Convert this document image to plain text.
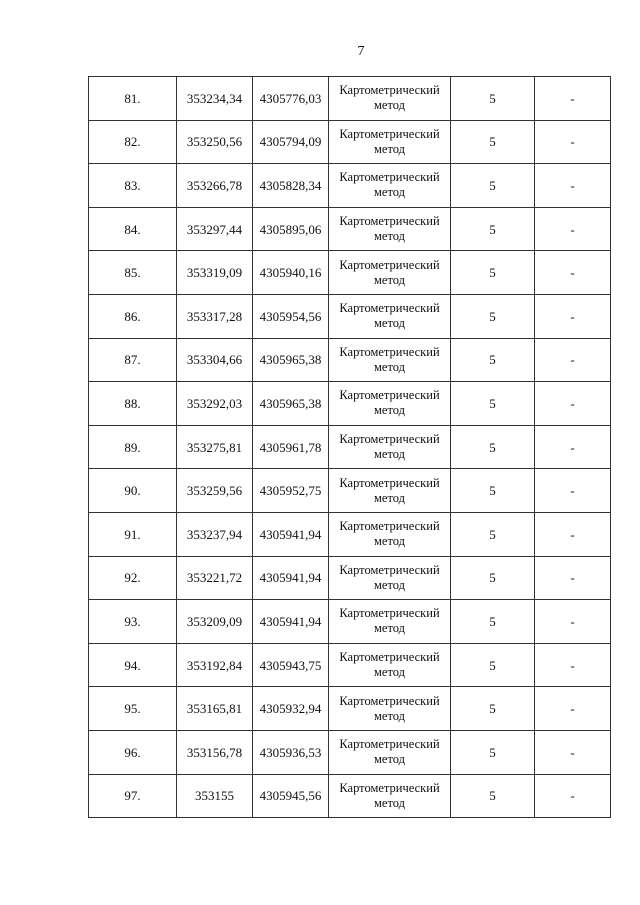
7
81.	353234,34	4305776,03	Картометрический метод	5	-
82.	353250,56	4305794,09	Картометрический метод	5	-
83.	353266,78	4305828,34	Картометрический метод	5	-
84.	353297,44	4305895,06	Картометрический метод	5	-
85.	353319,09	4305940,16	Картометрический метод	5	-
86.	353317,28	4305954,56	Картометрический метод	5	-
87.	353304,66	4305965,38	Картометрический метод	5	-
88.	353292,03	4305965,38	Картометрический метод	5	-
89.	353275,81	4305961,78	Картометрический метод	5	-
90.	353259,56	4305952,75	Картометрический метод	5	-
91.	353237,94	4305941,94	Картометрический метод	5	-
92.	353221,72	4305941,94	Картометрический метод	5	-
93.	353209,09	4305941,94	Картометрический метод	5	-
94.	353192,84	4305943,75	Картометрический метод	5	-
95.	353165,81	4305932,94	Картометрический метод	5	-
96.	353156,78	4305936,53	Картометрический метод	5	-
97.	353155	4305945,56	Картометрический метод	5	-
